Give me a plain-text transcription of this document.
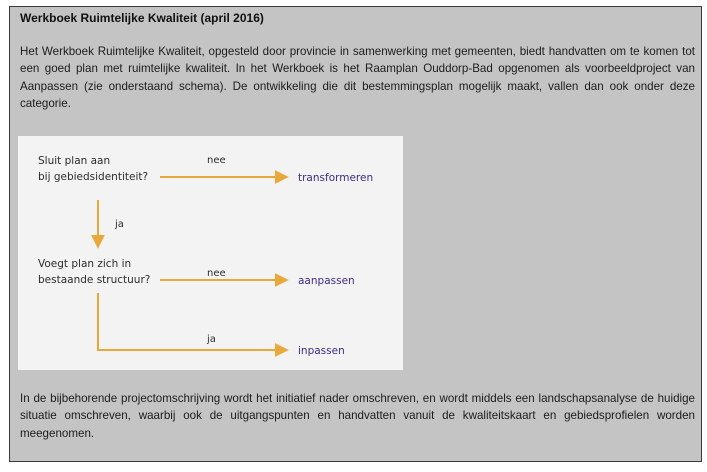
Werkboek Ruimtelijke Kwaliteit (april 2016)

Het Werkboek Ruimtelijke Kwaliteit, opgesteld door provincie in samenwerking met gemeenten, biedt handvatten om te komen tot een goed plan met ruimtelijke kwaliteit. In het Werkboek is het Raamplan Ouddorp-Bad opgenomen als voorbeeldproject van Aanpassen (zie onderstaand schema). De ontwikkeling die dit bestemmingsplan mogelijk maakt, vallen dan ook onder deze categorie.

Sluit plan aan
bij gebiedsidentiteit?
nee
transformeren
ja
Voegt plan zich in
bestaande structuur?
nee
aanpassen
ja
inpassen

In de bijbehorende projectomschrijving wordt het initiatief nader omschreven, en wordt middels een landschapsanalyse de huidige situatie omschreven, waarbij ook de uitgangspunten en handvatten vanuit de kwaliteitskaart en gebiedsprofielen worden meegenomen.
